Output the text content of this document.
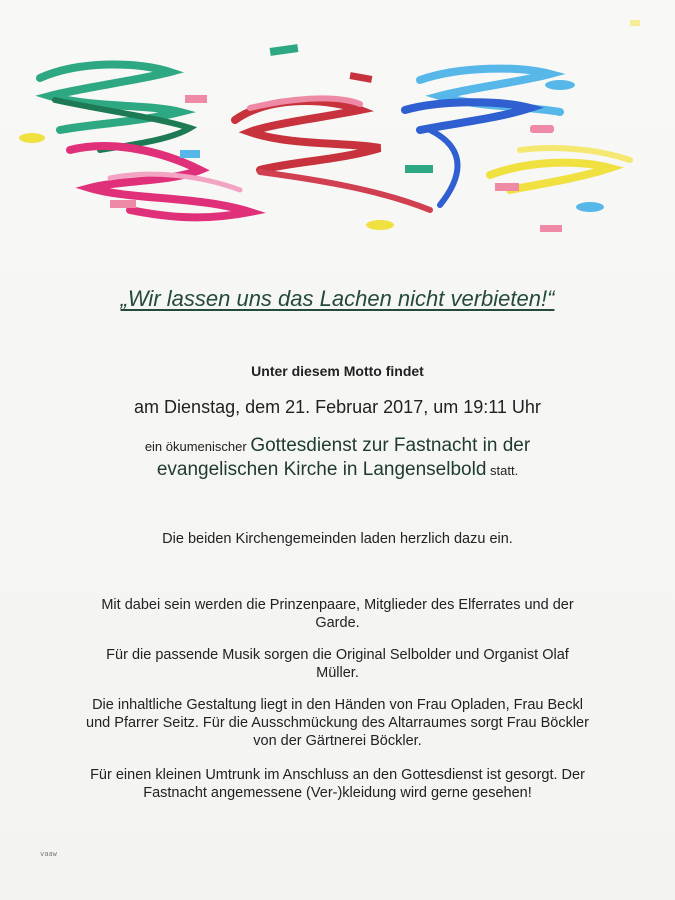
„Wir lassen uns das Lachen nicht verbieten!“
Unter diesem Motto findet
am Dienstag, dem 21. Februar 2017, um 19:11 Uhr
ein ökumenischer Gottesdienst zur Fastnacht in der
evangelischen Kirche in Langenselbold statt.
Die beiden Kirchengemeinden laden herzlich dazu ein.
Mit dabei sein werden die Prinzenpaare, Mitglieder des Elferrates und der
Garde.
Für die passende Musik sorgen die Original Selbolder und Organist Olaf
Müller.
Die inhaltliche Gestaltung liegt in den Händen von Frau Opladen, Frau Beckl
und Pfarrer Seitz. Für die Ausschmückung des Altarraumes sorgt Frau Böckler
von der Gärtnerei Böckler.
Für einen kleinen Umtrunk im Anschluss an den Gottesdienst ist gesorgt. Der
Fastnacht angemessene (Ver-)kleidung wird gerne gesehen!
vaaw
